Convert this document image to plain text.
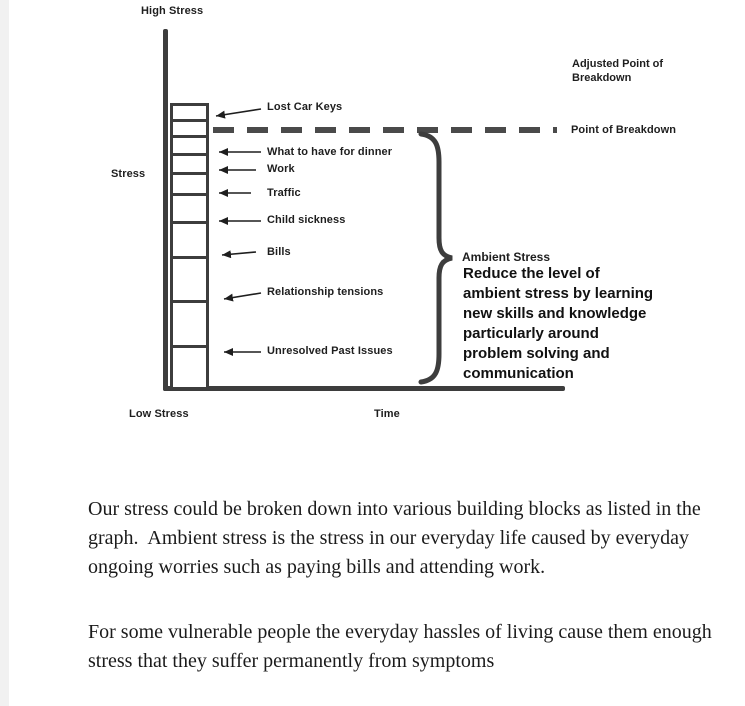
High Stress
Stress
Low Stress	Time
Lost Car Keys
What to have for dinner
Work
Traffic
Child sickness
Bills
Relationship tensions
Unresolved Past Issues
Adjusted Point of Breakdown
Point of Breakdown
Ambient Stress
Reduce the level of ambient stress by learning new skills and knowledge particularly around problem solving and communication

Our stress could be broken down into various building blocks as listed in the graph.  Ambient stress is the stress in our everyday life caused by everyday ongoing worries such as paying bills and attending work.

For some vulnerable people the everyday hassles of living cause them enough stress that they suffer permanently from symptoms
